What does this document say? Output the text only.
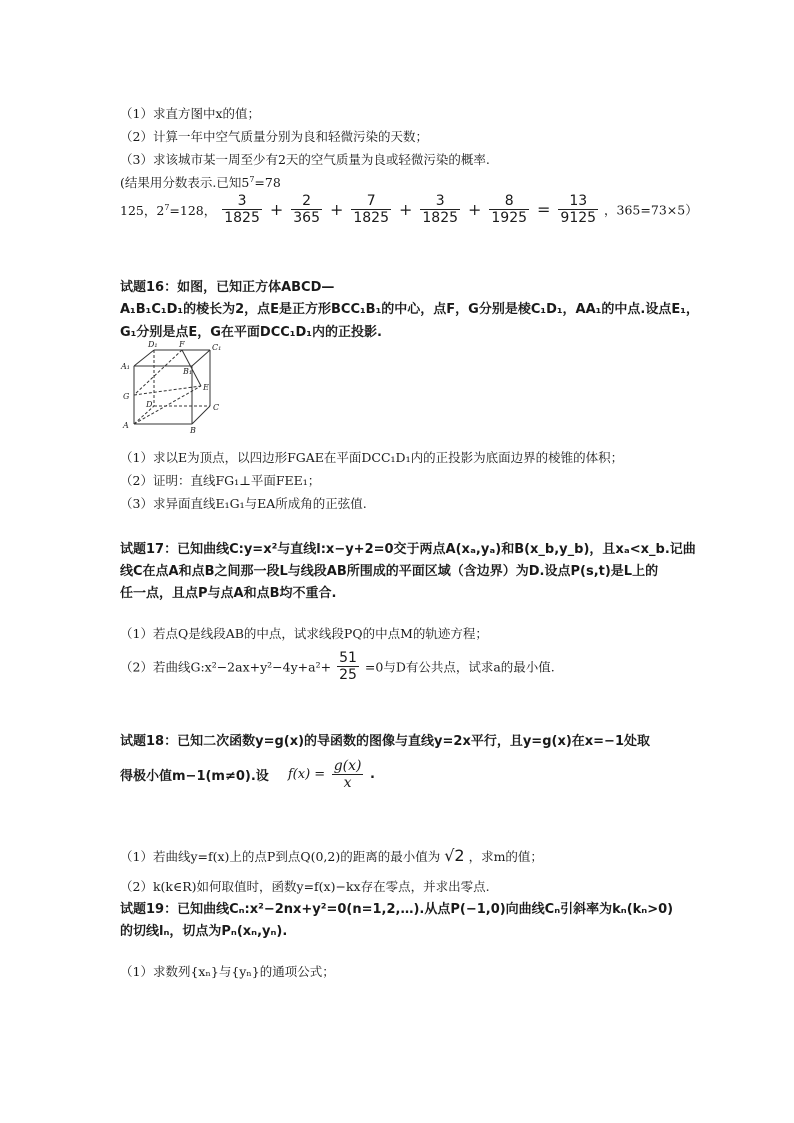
（1）求直方图中x的值；
（2）计算一年中空气质量分别为良和轻微污染的天数；
（3）求该城市某一周至少有2天的空气质量为良或轻微污染的概率.
(结果用分数表示.已知$5^7=78$
125，$2^7=128$， $\frac{3}{1825} + \frac{2}{365} + \frac{7}{1825} + \frac{3}{1825} + \frac{8}{1925} = \frac{13}{9125}$ ，365=73×5）
试题16：如图，已知正方体ABCD—
A₁B₁C₁D₁的棱长为2，点E是正方形BCC₁B₁的中心，点F，G分别是棱C₁D₁，AA₁的中点.设点E₁，
G₁分别是点E，G在平面DCC₁D₁内的正投影.
D₁	F	C₁
A₁
B₁
E
G
D	C
A
B
（1）求以E为顶点，以四边形FGAE在平面DCC₁D₁内的正投影为底面边界的棱锥的体积；
（2）证明：直线FG₁⊥平面FEE₁；
（3）求异面直线E₁G₁与EA所成角的正弦值.
试题17：已知曲线C:y=x²与直线l:x−y+2=0交于两点A(xₐ,yₐ)和B(x_b,y_b)，且xₐ<x_b.记曲
线C在点A和点B之间那一段L与线段AB所围成的平面区域（含边界）为D.设点P(s,t)是L上的
任一点，且点P与点A和点B均不重合.
（1）若点Q是线段AB的中点，试求线段PQ的中点M的轨迹方程；
（2）若曲线G:x²−2ax+y²−4y+a²+ $\frac{51}{25} =0$与D有公共点，试求a的最小值.
试题18：已知二次函数y=g(x)的导函数的图像与直线y=2x平行，且y=g(x)在x=−1处取
得极小值m−1(m≠0).设 $f(x) = \frac{g(x)}{x}$ .
（1）若曲线y=f(x)上的点P到点Q(0,2)的距离的最小值为 √2 ，求m的值；
（2）k(k∈R)如何取值时，函数y=f(x)−kx存在零点，并求出零点.
试题19：已知曲线Cₙ:x²−2nx+y²=0(n=1,2,…).从点P(−1,0)向曲线Cₙ引斜率为kₙ(kₙ>0)
的切线lₙ，切点为Pₙ(xₙ,yₙ).
（1）求数列{xₙ}与{yₙ}的通项公式；
